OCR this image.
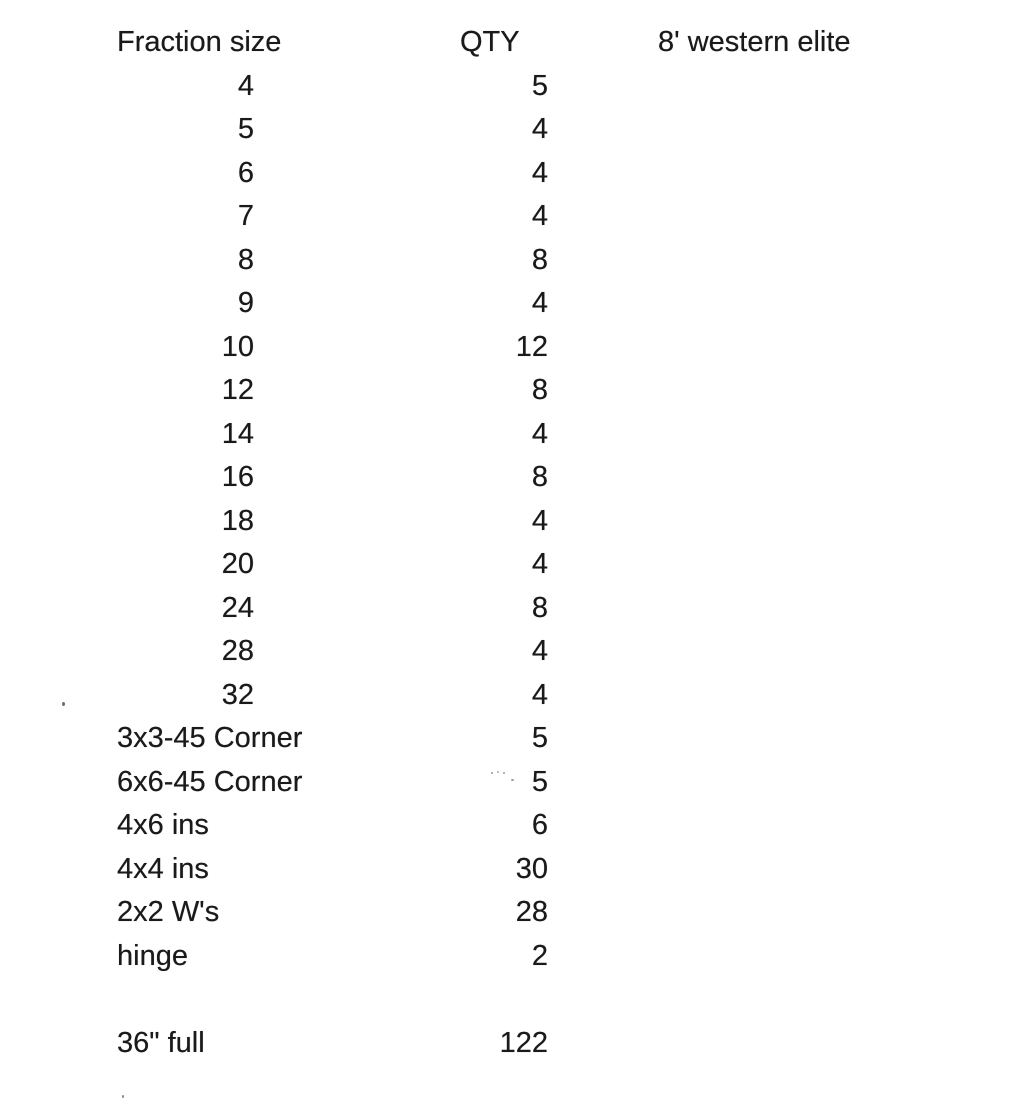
Fraction size	QTY	8' western elite
4	5
5	4
6	4
7	4
8	8
9	4
10	12
12	8
14	4
16	8
18	4
20	4
24	8
28	4
32	4
3x3-45 Corner	5
6x6-45 Corner	5
4x6 ins	6
4x4 ins	30
2x2 W's	28
hinge	2
36" full	122
